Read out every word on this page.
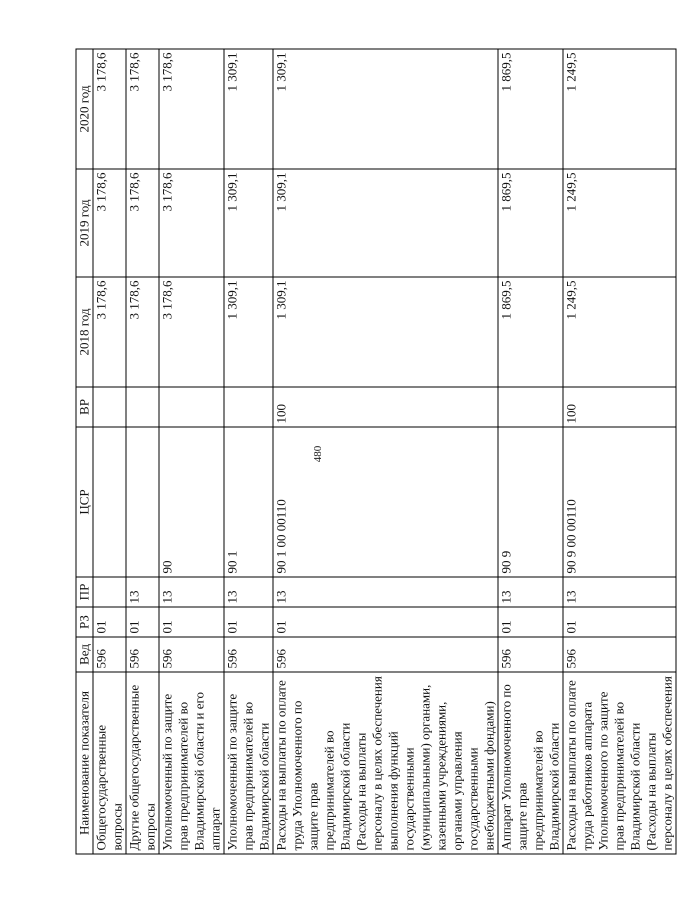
480
Наименование показателя	Вед	РЗ	ПР	ЦСР	ВР	2018 год	2019 год	2020 год
Общегосударственные вопросы	596	01				3 178,6	3 178,6	3 178,6
Другие общегосударственные вопросы	596	01	13			3 178,6	3 178,6	3 178,6
Уполномоченный по защите прав предпринимателей во Владимирской области и его аппарат	596	01	13	90		3 178,6	3 178,6	3 178,6
Уполномоченный по защите прав предпринимателей во Владимирской области	596	01	13	90 1		1 309,1	1 309,1	1 309,1
Расходы на выплаты по оплате труда Уполномоченного по защите прав предпринимателей во Владимирской области (Расходы на выплаты персоналу в целях обеспечения выполнения функций государственными (муниципальными) органами, казенными учреждениями, органами управления государственными внебюджетными фондами)	596	01	13	90 1 00 00110	100	1 309,1	1 309,1	1 309,1
Аппарат Уполномоченного по защите прав предпринимателей во Владимирской области	596	01	13	90 9		1 869,5	1 869,5	1 869,5
Расходы на выплаты по оплате труда работников аппарата Уполномоченного по защите прав предпринимателей во Владимирской области (Расходы на выплаты персоналу в целях обеспечения	596	01	13	90 9 00 00110	100	1 249,5	1 249,5	1 249,5
